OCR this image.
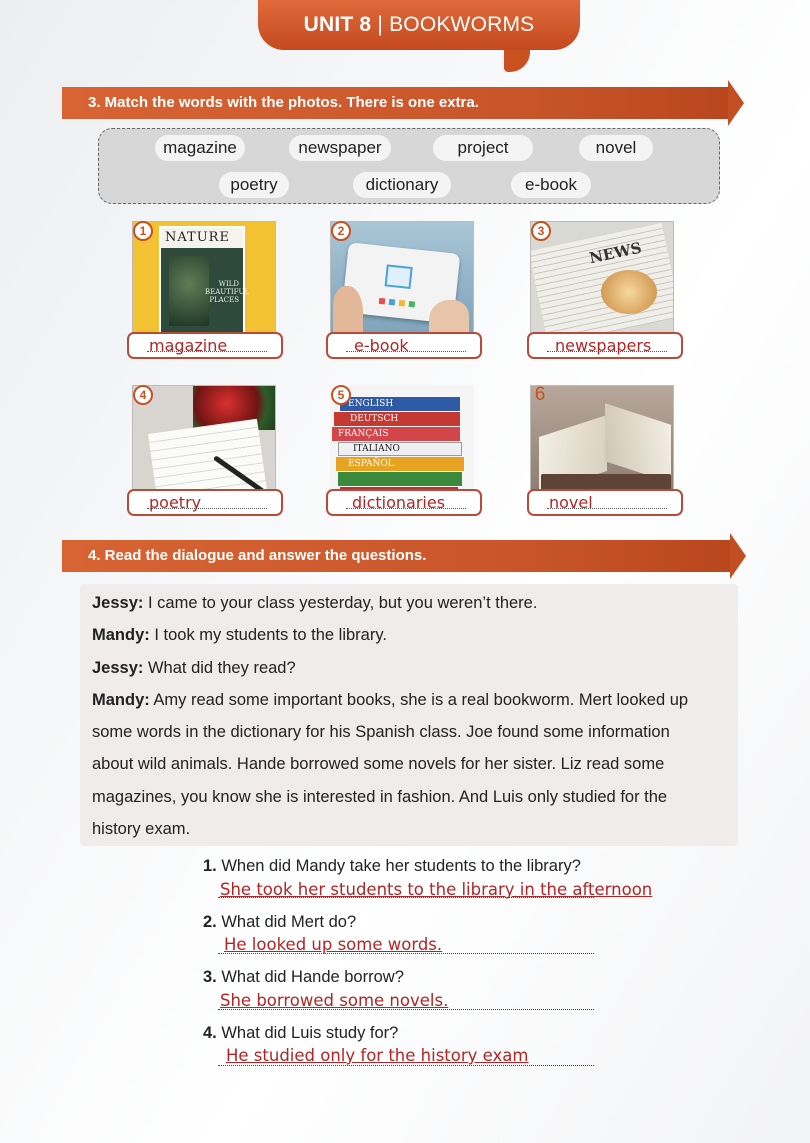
UNIT 8 | BOOKWORMS
3. Match the words with the photos. There is one extra.
magazine	newspaper	project	novel
poetry	dictionary	e-book
NATURE
WILD BEAUTIFUL PLACES
1
magazine
2
e-book
NEWS
3
newspapers
4
poetry
ENGLISH
DEUTSCH
FRANÇAIS
ITALIANO
ESPAÑOL
5
dictionaries
6
novel
4. Read the dialogue and answer the questions.
Jessy: I came to your class yesterday, but you weren’t there.
Mandy: I took my students to the library.
Jessy: What did they read?
Mandy: Amy read some important books, she is a real bookworm. Mert looked up
some words in the dictionary for his Spanish class. Joe found some information
about wild animals. Hande borrowed some novels for her sister. Liz read some
magazines, you know she is interested in fashion. And Luis only studied for the
history exam.
1. When did Mandy take her students to the library?
She took her students to the library in the afternoon
2. What did Mert do?
He looked up some words.
3. What did Hande borrow?
She borrowed some novels.
4. What did Luis study for?
He studied only for the history exam
